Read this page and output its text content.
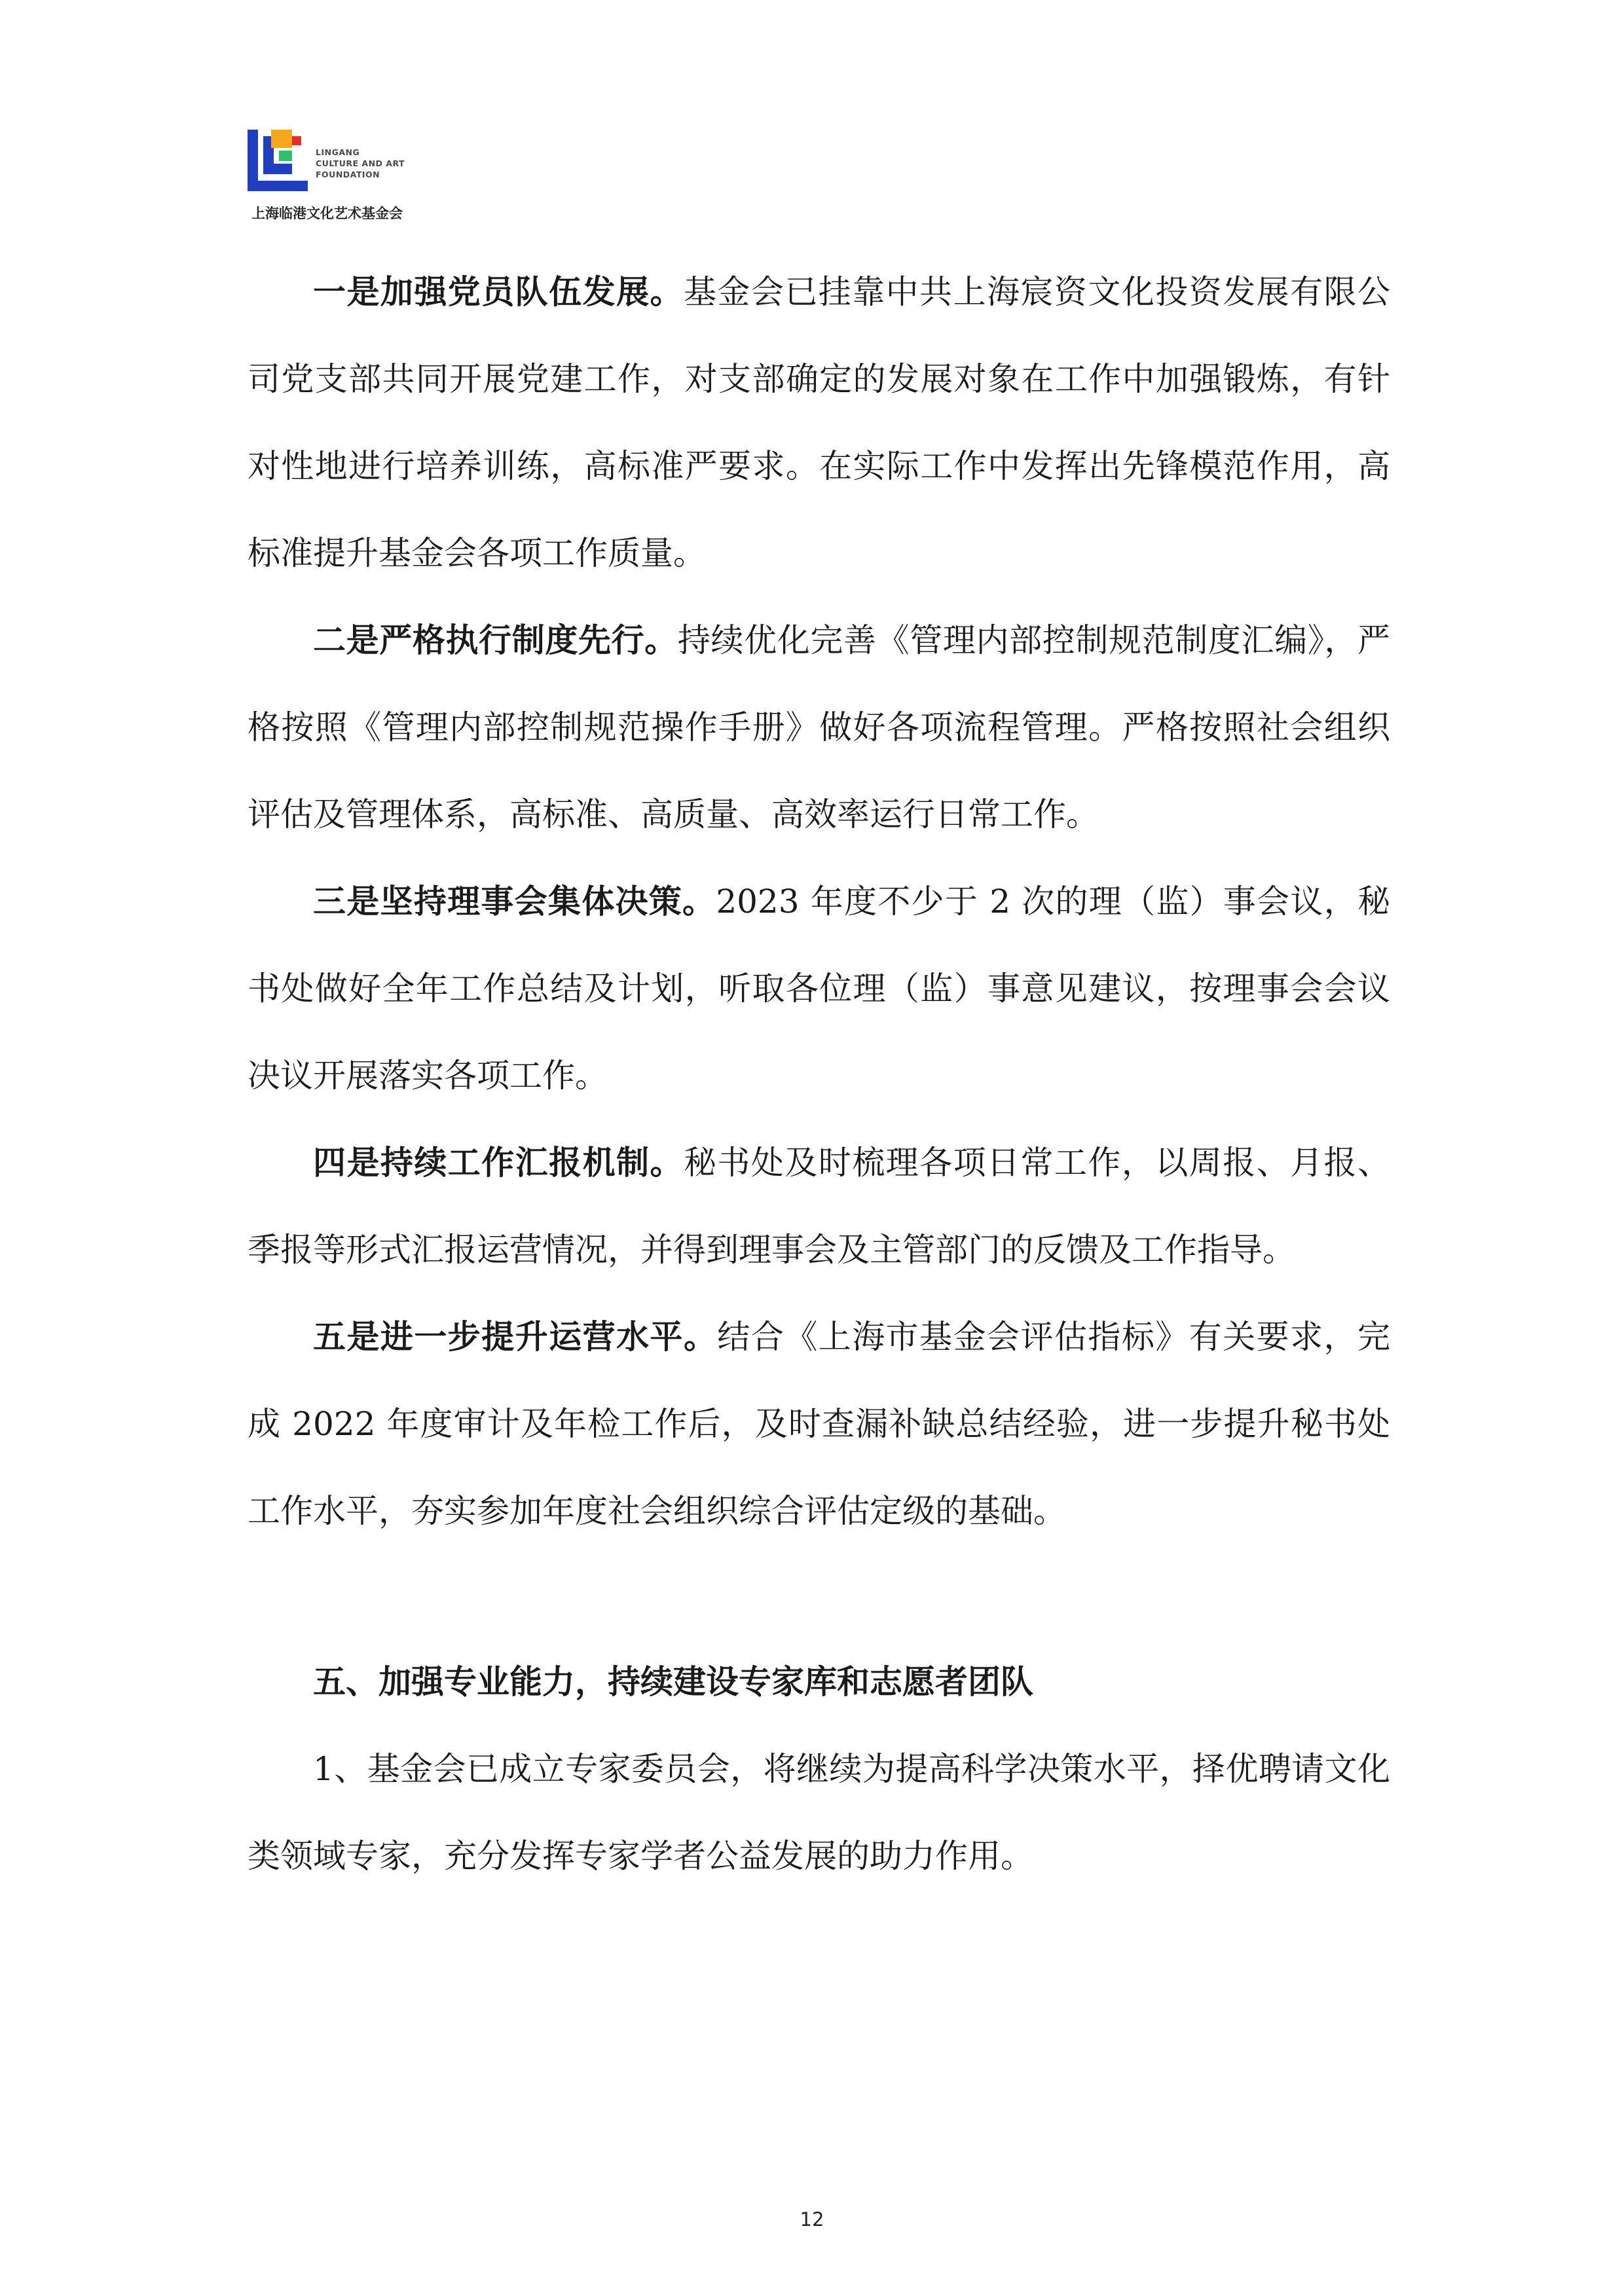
LINGANG
CULTURE AND ART
FOUNDATION
上海临港文化艺术基金会

一是加强党员队伍发展。基金会已挂靠中共上海宸资文化投资发展有限公司党支部共同开展党建工作，对支部确定的发展对象在工作中加强锻炼，有针对性地进行培养训练，高标准严要求。在实际工作中发挥出先锋模范作用，高标准提升基金会各项工作质量。

二是严格执行制度先行。持续优化完善《管理内部控制规范制度汇编》，严格按照《管理内部控制规范操作手册》做好各项流程管理。严格按照社会组织评估及管理体系，高标准、高质量、高效率运行日常工作。

三是坚持理事会集体决策。2023 年度不少于 2 次的理（监）事会议，秘书处做好全年工作总结及计划，听取各位理（监）事意见建议，按理事会会议决议开展落实各项工作。

四是持续工作汇报机制。秘书处及时梳理各项日常工作，以周报、月报、季报等形式汇报运营情况，并得到理事会及主管部门的反馈及工作指导。

五是进一步提升运营水平。结合《上海市基金会评估指标》有关要求，完成 2022 年度审计及年检工作后，及时查漏补缺总结经验，进一步提升秘书处工作水平，夯实参加年度社会组织综合评估定级的基础。

五、加强专业能力，持续建设专家库和志愿者团队

1、基金会已成立专家委员会，将继续为提高科学决策水平，择优聘请文化类领域专家，充分发挥专家学者公益发展的助力作用。

12
